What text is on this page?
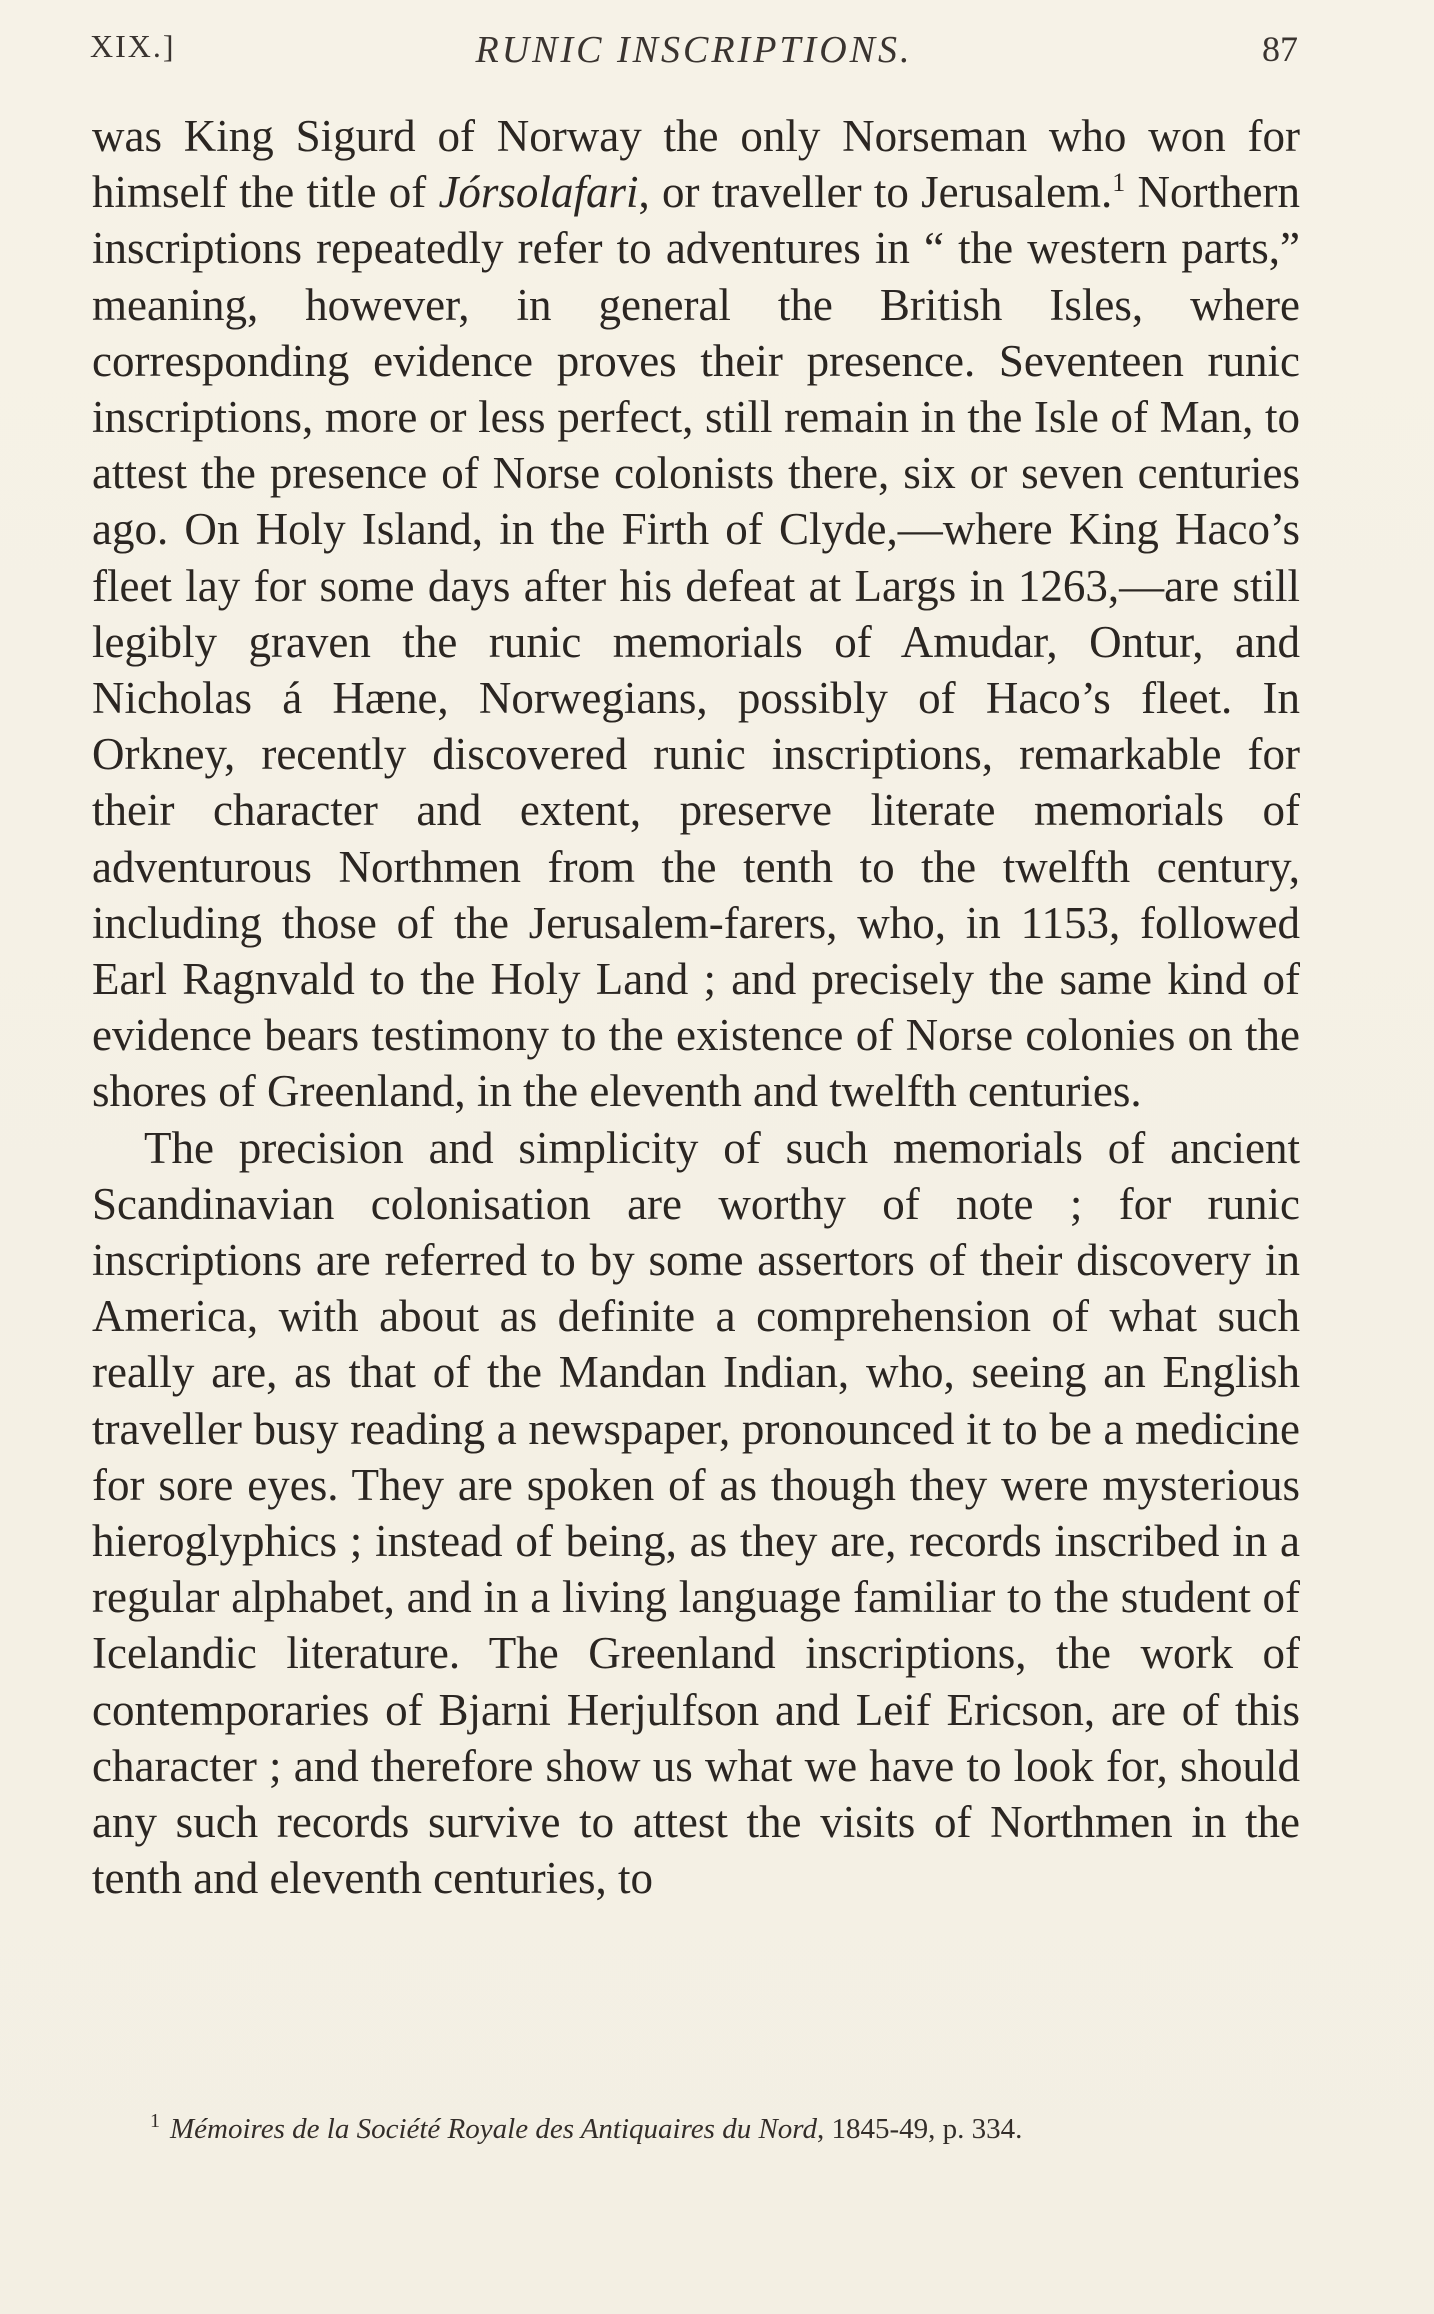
XIX.]	RUNIC INSCRIPTIONS.	87

was King Sigurd of Norway the only Norseman who won for himself the title of Jórsolafari, or traveller to Jerusalem.$^1$ Northern inscriptions repeatedly refer to adventures in “ the western parts,” meaning, however, in general the British Isles, where corresponding evidence proves their presence. Seventeen runic inscriptions, more or less perfect, still remain in the Isle of Man, to attest the presence of Norse colonists there, six or seven centuries ago. On Holy Island, in the Firth of Clyde,—where King Haco’s fleet lay for some days after his defeat at Largs in 1263,—are still legibly graven the runic memorials of Amudar, Ontur, and Nicholas á Hæne, Norwegians, possibly of Haco’s fleet. In Orkney, recently discovered runic inscriptions, remarkable for their character and extent, preserve literate memorials of adventurous Northmen from the tenth to the twelfth century, including those of the Jerusalem-farers, who, in 1153, followed Earl Ragnvald to the Holy Land ; and precisely the same kind of evidence bears testimony to the existence of Norse colonies on the shores of Greenland, in the eleventh and twelfth centuries.

The precision and simplicity of such memorials of ancient Scandinavian colonisation are worthy of note ; for runic inscriptions are referred to by some assertors of their discovery in America, with about as definite a comprehension of what such really are, as that of the Mandan Indian, who, seeing an English traveller busy reading a newspaper, pronounced it to be a medicine for sore eyes. They are spoken of as though they were mysterious hieroglyphics ; instead of being, as they are, records inscribed in a regular alphabet, and in a living language familiar to the student of Icelandic literature. The Greenland inscriptions, the work of contemporaries of Bjarni Herjulfson and Leif Ericson, are of this character ; and therefore show us what we have to look for, should any such records survive to attest the visits of Northmen in the tenth and eleventh centuries, to

$^1$ Mémoires de la Société Royale des Antiquaires du Nord, 1845-49, p. 334.
